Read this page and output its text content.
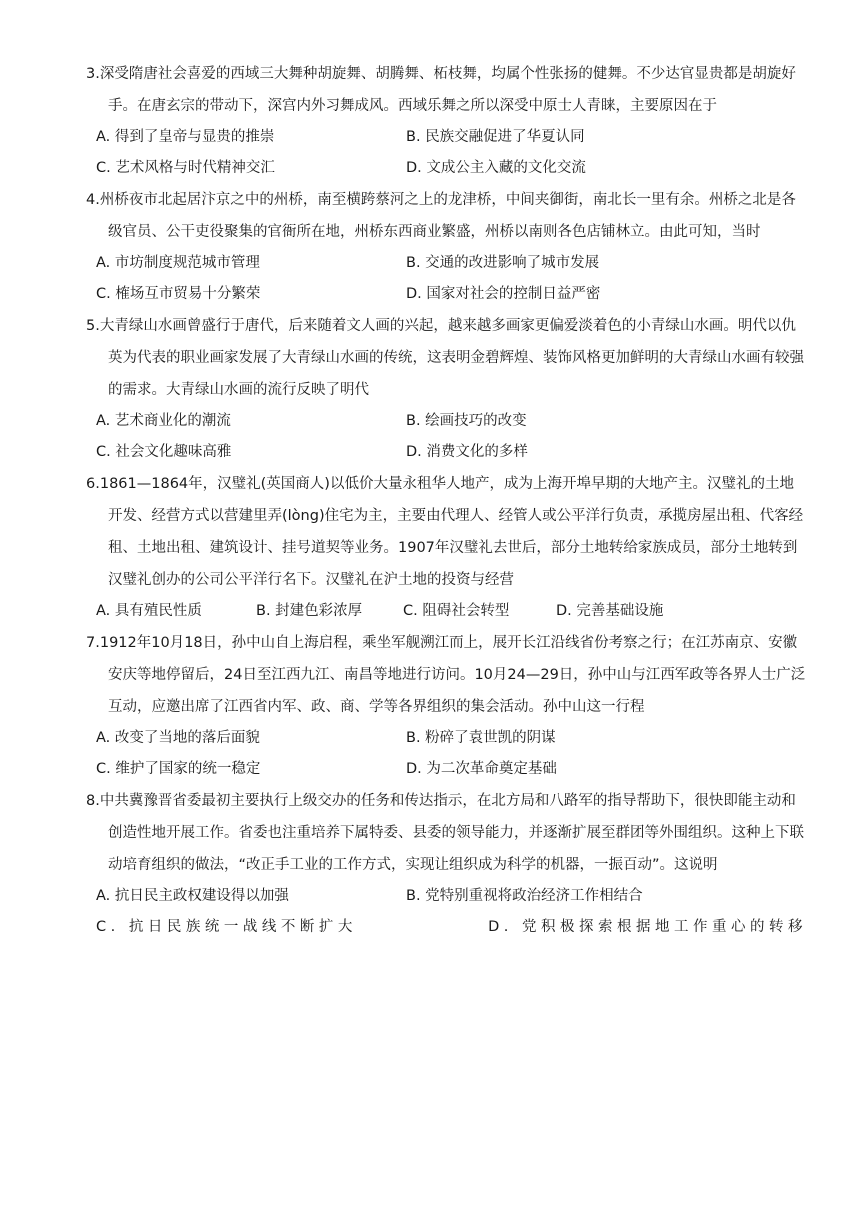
3.深受隋唐社会喜爱的西域三大舞种胡旋舞、胡腾舞、柘枝舞，均属个性张扬的健舞。不少达官显贵都是胡旋好手。在唐玄宗的带动下，深宫内外习舞成风。西域乐舞之所以深受中原士人青睐，主要原因在于

A. 得到了皇帝与显贵的推崇	B. 民族交融促进了华夏认同
C. 艺术风格与时代精神交汇	D. 文成公主入藏的文化交流

4.州桥夜市北起居汴京之中的州桥，南至横跨蔡河之上的龙津桥，中间夹御街，南北长一里有余。州桥之北是各级官员、公干吏役聚集的官衙所在地，州桥东西商业繁盛，州桥以南则各色店铺林立。由此可知，当时

A. 市坊制度规范城市管理	B. 交通的改进影响了城市发展
C. 榷场互市贸易十分繁荣	D. 国家对社会的控制日益严密

5.大青绿山水画曾盛行于唐代，后来随着文人画的兴起，越来越多画家更偏爱淡着色的小青绿山水画。明代以仇英为代表的职业画家发展了大青绿山水画的传统，这表明金碧辉煌、装饰风格更加鲜明的大青绿山水画有较强的需求。大青绿山水画的流行反映了明代

A. 艺术商业化的潮流	B. 绘画技巧的改变
C. 社会文化趣味高雅	D. 消费文化的多样

6.1861—1864年，汉璧礼(英国商人)以低价大量永租华人地产，成为上海开埠早期的大地产主。汉璧礼的土地开发、经营方式以营建里弄(lòng)住宅为主，主要由代理人、经管人或公平洋行负责，承揽房屋出租、代客经租、土地出租、建筑设计、挂号道契等业务。1907年汉璧礼去世后，部分土地转给家族成员，部分土地转到汉璧礼创办的公司公平洋行名下。汉璧礼在沪土地的投资与经营

A. 具有殖民性质	B. 封建色彩浓厚	C. 阻碍社会转型	D. 完善基础设施

7.1912年10月18日，孙中山自上海启程，乘坐军舰溯江而上，展开长江沿线省份考察之行；在江苏南京、安徽安庆等地停留后，24日至江西九江、南昌等地进行访问。10月24—29日，孙中山与江西军政等各界人士广泛互动，应邀出席了江西省内军、政、商、学等各界组织的集会活动。孙中山这一行程

A. 改变了当地的落后面貌	B. 粉碎了袁世凯的阴谋
C. 维护了国家的统一稳定	D. 为二次革命奠定基础

8.中共冀豫晋省委最初主要执行上级交办的任务和传达指示，在北方局和八路军的指导帮助下，很快即能主动和创造性地开展工作。省委也注重培养下属特委、县委的领导能力，并逐渐扩展至群团等外围组织。这种上下联动培育组织的做法，“改正手工业的工作方式，实现让组织成为科学的机器，一振百动”。这说明

A. 抗日民主政权建设得以加强	B. 党特别重视将政治经济工作相结合
C. 抗日民族统一战线不断扩大	D. 党积极探索根据地工作重心的转移
